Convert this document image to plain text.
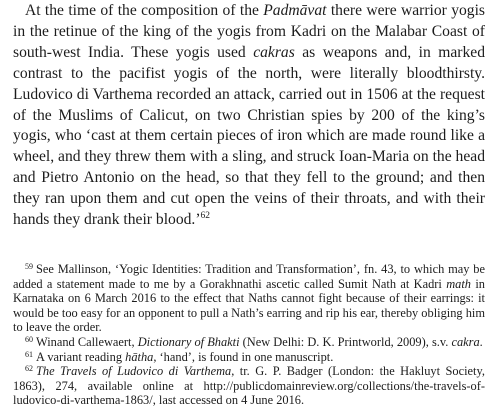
At the time of the composition of the Padmāvat there were warrior yogis in the retinue of the king of the yogis from Kadri on the Malabar Coast of south-west India. These yogis used cakras as weapons and, in marked contrast to the pacifist yogis of the north, were literally bloodthirsty. Ludovico di Varthema recorded an attack, carried out in 1506 at the request of the Muslims of Calicut, on two Christian spies by 200 of the king’s yogis, who ‘cast at them certain pieces of iron which are made round like a wheel, and they threw them with a sling, and struck Ioan-Maria on the head and Pietro Antonio on the head, so that they fell to the ground; and then they ran upon them and cut open the veins of their throats, and with their hands they drank their blood.’$^{62}$

$^{59}$ See Mallinson, ‘Yogic Identities: Tradition and Transformation’, fn. 43, to which may be added a statement made to me by a Gorakhnathi ascetic called Sumit Nath at Kadri math in Karnataka on 6 March 2016 to the effect that Naths cannot fight because of their earrings: it would be too easy for an opponent to pull a Nath’s earring and rip his ear, thereby obliging him to leave the order.

$^{60}$ Winand Callewaert, Dictionary of Bhakti (New Delhi: D. K. Printworld, 2009), s.v. cakra.

$^{61}$ A variant reading hātha, ‘hand’, is found in one manuscript.

$^{62}$ The Travels of Ludovico di Varthema, tr. G. P. Badger (London: the Hakluyt Society, 1863), 274, available online at http://publicdomainreview.org/collections/the-travels-of-ludovico-di-varthema-1863/, last accessed on 4 June 2016.
